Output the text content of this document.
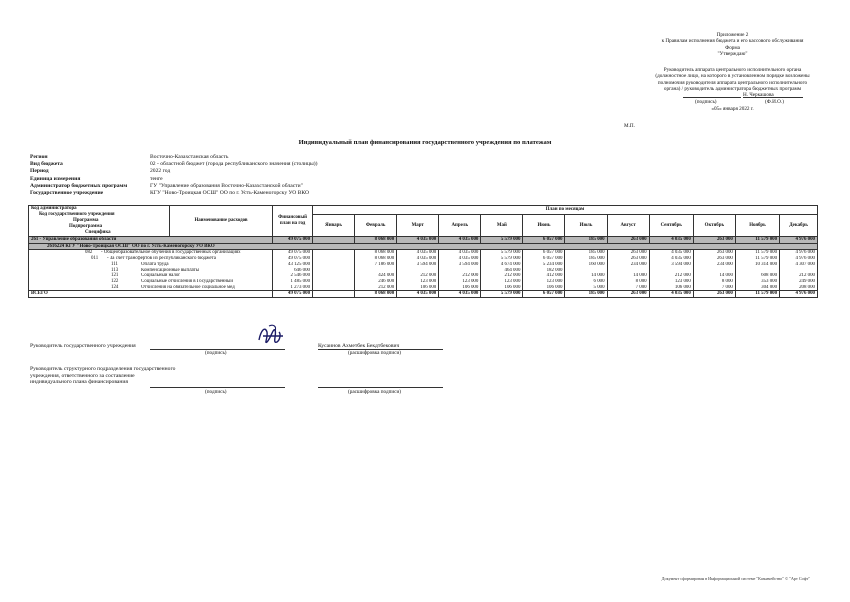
Приложение 2
к Правилам исполнения бюджета и его кассового обслуживания
Форма
"Утверждаю"
Руководитель аппарата центрального исполнительного органа
(должностное лицо, на которого в установленном порядке возложены
полномочия руководителя аппарата центрального исполнительного
органа) / руководитель администратора бюджетных программ
Н. Черкашова
(подпись)	(Ф.И.О.)
«05» января 2022 г.
М.П.
Индивидуальный план финансирования государственного учреждения по платежам
Регион	Восточно-Казахстанская область
Вид бюджета	02 - областной бюджет (города республиканского значения (столицы))
Период	2022 год
Единица измерения	тенге
Администратор бюджетных программ	ГУ "Управление образования Восточно-Казахстанской области"
Государственное учреждение	КГУ "Ново-Троицкая ОСШ" ОО по г. Усть-Каменогорску УО ВКО
Код администратора
Код государственного учреждения
Программа
Подпрограмма
Специфика	Наименование расходов	Финансовый план на год	План по месяцам											
			Январь	Февраль	Март	Апрель	Май	Июнь	Июль	Август	Сентябрь	Октябрь	Ноябрь	Декабрь
261 - Управление образования области		49 075 000		8 068 000	4 035 000	4 035 000	5 579 000	6 057 000	185 000	263 000	4 035 000	263 000	11 579 000	4 976 000
2616224 КГУ "Ново-Троицкая ОСШ" ОО по г. Усть-Каменогорску УО ВКО														

082 - Общеобразовательное обучения в государственных организациях		49 075 000		8 068 000	4 035 000	4 035 000	5 579 000	6 057 000	185 000	263 000	4 035 000	263 000	11 579 000	4 976 000

011 - За счет трансфертов из республиканского бюджета		49 075 000		8 068 000	4 035 000	4 035 000	5 579 000	6 057 000	185 000	263 000	4 035 000	263 000	11 579 000	4 976 000

111 Оплата труда		43 125 000		7 186 000	3 594 000	3 594 000	4 674 000	5 234 000	160 000	234 000	3 594 000	234 000	10 314 000	4 307 000

113 Компенсационные выплаты		646 000					464 000	182 000						

121 Социальный налог		2 546 000		424 000	212 000	212 000	212 000	412 000	14 000	14 000	212 000	14 000	608 000	212 000

122 Социальные отчисления в Государственный		1 485 000		246 000	123 000	123 000	123 000	123 000	6 000	8 000	123 000	8 000	353 000	249 000

124 Отчисления на обязательное социальное мед		1 273 000		212 000	106 000	106 000	106 000	106 000	5 000	7 000	106 000	7 000	304 000	208 000
ВСЕГО		49 075 000		8 068 000	4 035 000	4 035 000	5 579 000	6 057 000	185 000	263 000	4 035 000	263 000	11 579 000	4 976 000
Руководитель государственного учреждения
(подпись)
Кусаинов Ахметбек Бекдтбекович
(расшифровка подписи)
Руководитель структурного подразделения государственного
учреждения, ответственного за составление
индивидуального плана финансирования
(подпись)	(расшифровка подписи)
Документ сформирован в Информационной системе "Казначейство" © "Арт Софт"
